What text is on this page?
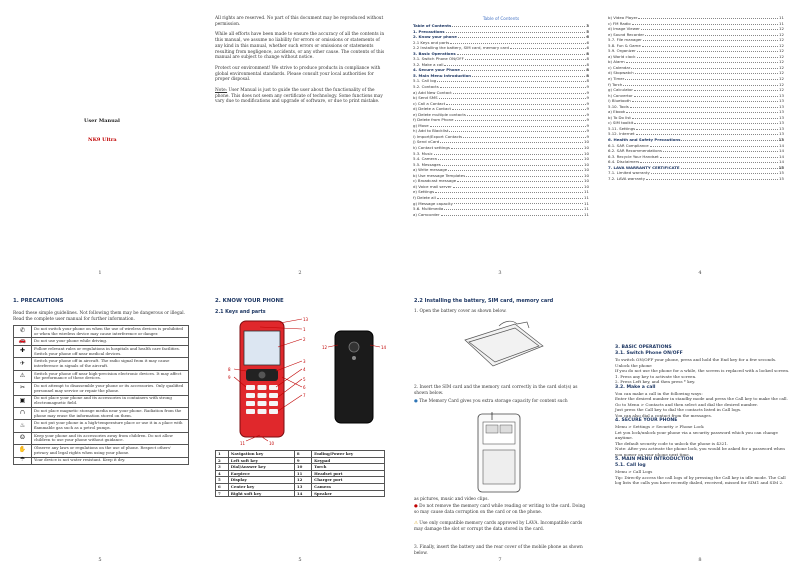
User Manual
NK9 Ultra
1

All rights are reserved. No part of this document may be reproduced without permission.

While all efforts have been made to ensure the accuracy of all the contents in this manual, we assume no liability for errors or omissions or statements of any kind in this manual, whether such errors or omissions or statements resulting from negligence, accidents, or any other cause. The contents of this manual are subject to change without notice.

Protect our environment! We strive to produce products in compliance with global environmental standards. Please consult your local authorities for proper disposal.

Note: User Manual is just to guide the user about the functionality of the phone. This does not seem any certificate of technology. Some functions may vary due to modifications and upgrade of software, or due to print mistake.

2
Table of Contents
Table of Contents	3
1. Precautions	5
2. Know your phone	6
2.1 Keys and parts	6
2.2 Installing the battery, SIM card, memory card	6
3. Basic Operations	8
3.1. Switch Phone ON/OFF	8
3.2. Make a call	8
4. Secure your Phone	8
5. Main Menu Introduction	8
5.1. Call log	8
5.2. Contacts	9
a) Add New Contact	9
b) Send SMS	9
c) Call a Contact	9
d) Delete a Contact	9
e) Delete multiple contacts	9
f) Delete from Phone	9
g) Move	9
h) Add to Blacklist	9
i) Import/Export Contacts	9
j) Send vCard	10
k) Contact settings	10
5.3. Music	10
5.4. Camera	10
5.5. Messages	10
a) Write message	10
b) Use message Templates	10
c) Broadcast message	10
d) Voice mail server	10
e) Settings	11
f) Delete all	11
g) Message capacity	11
5.6. Multimedia	11
a) Camcorder	11
3
b) Video Player	11
c) FM Radio	11
d) Image Viewer	12
e) Sound Recorder	12
5.7. File manager	12
5.8. Fun & Game	12
5.9. Organizer	12
a) World clock	12
b) Alarm	12
c) Calendar	12
d) Stopwatch	12
e) Timer	12
f) Torch	12
g) Calculator	12
h) Convertor	13
i) Bluetooth	13
5.10. Tools	13
a) Ebook	13
b) To Do list	13
c) SIM toolkit	13
5.11. Settings	13
5.12. Internet	13
6. Health and Safety Precautions	13
6.1. SAR Compliance	14
6.2. SAR Recommendations	14
6.3. Recycle Your Handset	14
6.4. Disclaimers	14
7. LAVA WARRANTY CERTIFICATE	15
7.1. Limited warranty	15
7.2. LAVA warranty	15
4
1. PRECAUTIONS
Read these simple guidelines. Not following them may be dangerous or illegal. Read the complete user manual for further information.
✆	Do not switch your phone on when the use of wireless devices is prohibited or when the wireless device may cause interference or danger.
🚗	Do not use your phone while driving.
✚	Follow relevant rules or regulations in hospitals and health care facilities. Switch your phone off near medical devices.
✈	Switch your phone off in aircraft. The radio signal from it may cause interference in signals of the aircraft.
⚠	Switch your phone off near high-precision electronic devices. It may affect the performance of these devices.
✂	Do not attempt to disassemble your phone or its accessories. Only qualified personnel may service or repair the phone.
▣	Do not place your phone and its accessories in containers with strong electromagnetic field.
∩	Do not place magnetic storage media near your phone. Radiation from the phone may erase the information stored on them.
♨	Do not put your phone in a high-temperature place or use it in a place with flammable gas such as a petrol pumps.
☺	Keep your phone and its accessories away from children. Do not allow children to use your phone without guidance.
✋	Observe any laws or regulations on the use of phone. Respect others' privacy and legal rights when using your phone.
☂	Your device is not water resistant. Keep it dry.
5
2. KNOW YOUR PHONE
2.1 Keys and parts
13
1
2
3
4
5
6
7
8
9
10
11
12	14
1	Navigation key	8	Ending/Power key
2	Left soft key	9	Keypad
3	Dial/Answer key	10	Torch
4	Earpiece	11	Headset port
5	Display	12	Charger port
6	Center key	13	Camera
7	Right soft key	14	Speaker
5
2.2 Installing the battery, SIM card, memory card
1. Open the battery cover as shown below.
2. Insert the SIM card and the memory card correctly in the card slot(s) as shown below.
● The Memory Card gives you extra storage capacity for content such
as pictures, music and video clips.
● Do not remove the memory card while reading or writing to the card. Doing so may cause data corruption on the card or on the phone.
⚠ Use only compatible memory cards approved by LAVA. Incompatible cards may damage the slot or corrupt the data stored in the card.
3. Finally, insert the battery and the rear cover of the mobile phone as shown below.
7
3. BASIC OPERATIONS
3.1. Switch Phone ON/OFF
To switch ON/OFF your phone, press and hold the End key for a few seconds.
Unlock the phone
If you do not use the phone for a while, the screen is replaced with a locked screen.
1. Press any key to activate the screen.
2. Press Left key, and then press * key.
3.2. Make a call
You can make a call in the following ways:
Enter the desired number in standby mode and press the Call key to make the call.
Go to Menu > Contacts and then select and dial the desired number.
Just press the Call key to dial the contacts listed in Call logs.
You can also dial a contact from the messages.
4. SECURE YOUR PHONE
Menu > Settings > Security > Phone Lock
Let you lock/unlock your phone via a security password which you can change anytime.
The default security code to unlock the phone is 4321.
Note: After you activate the phone lock, you would be asked for a password when you power on your phone next time.
5. MAIN MENU INTRODUCTION
5.1. Call log
Menu > Call Logs
Tip: Directly access the call logs of by pressing the Call key in idle mode. The Call log lists the calls you have recently dialed, received, missed for SIM1 and SIM 2.
8
